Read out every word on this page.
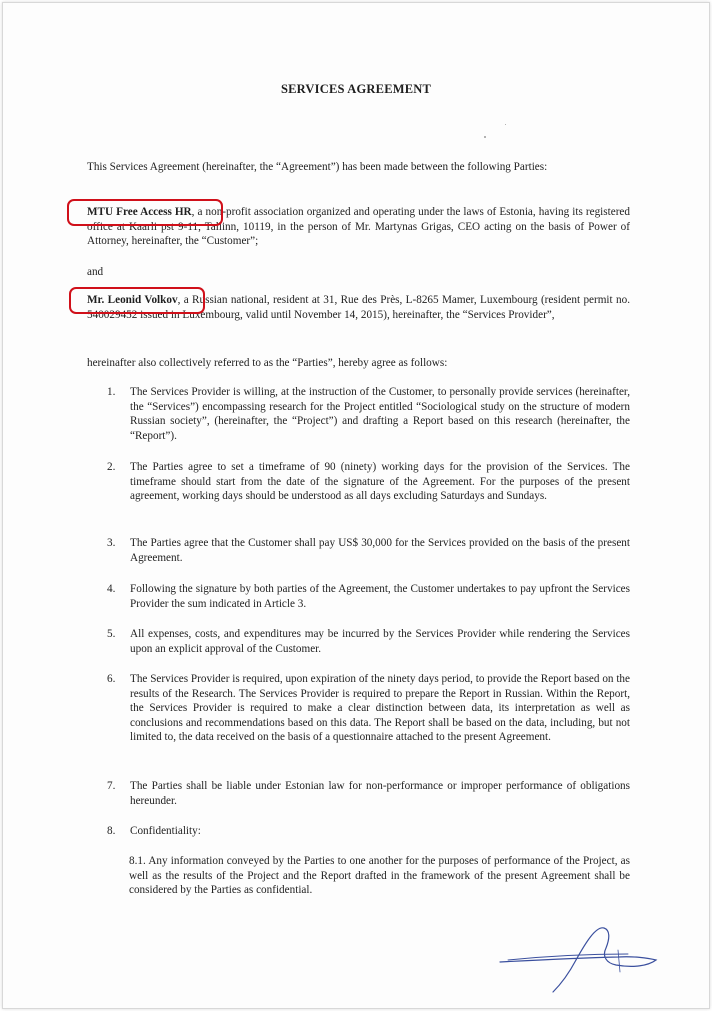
SERVICES AGREEMENT
This Services Agreement (hereinafter, the “Agreement”) has been made between the following Parties:
MTU Free Access HR, a non-profit association organized and operating under the laws of Estonia, having its registered office at Kaarli pst 9-11, Tallinn, 10119, in the person of Mr. Martynas Grigas, CEO acting on the basis of Power of Attorney, hereinafter, the “Customer”;
and
Mr. Leonid Volkov, a Russian national, resident at 31, Rue des Près, L-8265 Mamer, Luxembourg (resident permit no. 540029452 issued in Luxembourg, valid until November 14, 2015), hereinafter, the “Services Provider”,
hereinafter also collectively referred to as the “Parties”, hereby agree as follows:
1.	The Services Provider is willing, at the instruction of the Customer, to personally provide services (hereinafter, the “Services”) encompassing research for the Project entitled “Sociological study on the structure of modern Russian society”, (hereinafter, the “Project”) and drafting a Report based on this research (hereinafter, the “Report”).
2.	The Parties agree to set a timeframe of 90 (ninety) working days for the provision of the Services. The timeframe should start from the date of the signature of the Agreement. For the purposes of the present agreement, working days should be understood as all days excluding Saturdays and Sundays.
3.	The Parties agree that the Customer shall pay US$ 30,000 for the Services provided on the basis of the present Agreement.
4.	Following the signature by both parties of the Agreement, the Customer undertakes to pay upfront the Services Provider the sum indicated in Article 3.
5.	All expenses, costs, and expenditures may be incurred by the Services Provider while rendering the Services upon an explicit approval of the Customer.
6.	The Services Provider is required, upon expiration of the ninety days period, to provide the Report based on the results of the Research. The Services Provider is required to prepare the Report in Russian. Within the Report, the Services Provider is required to make a clear distinction between data, its interpretation as well as conclusions and recommendations based on this data. The Report shall be based on the data, including, but not limited to, the data received on the basis of a questionnaire attached to the present Agreement.
7.	The Parties shall be liable under Estonian law for non-performance or improper performance of obligations hereunder.
8.	Confidentiality:
8.1. Any information conveyed by the Parties to one another for the purposes of performance of the Project, as well as the results of the Project and the Report drafted in the framework of the present Agreement shall be considered by the Parties as confidential.
